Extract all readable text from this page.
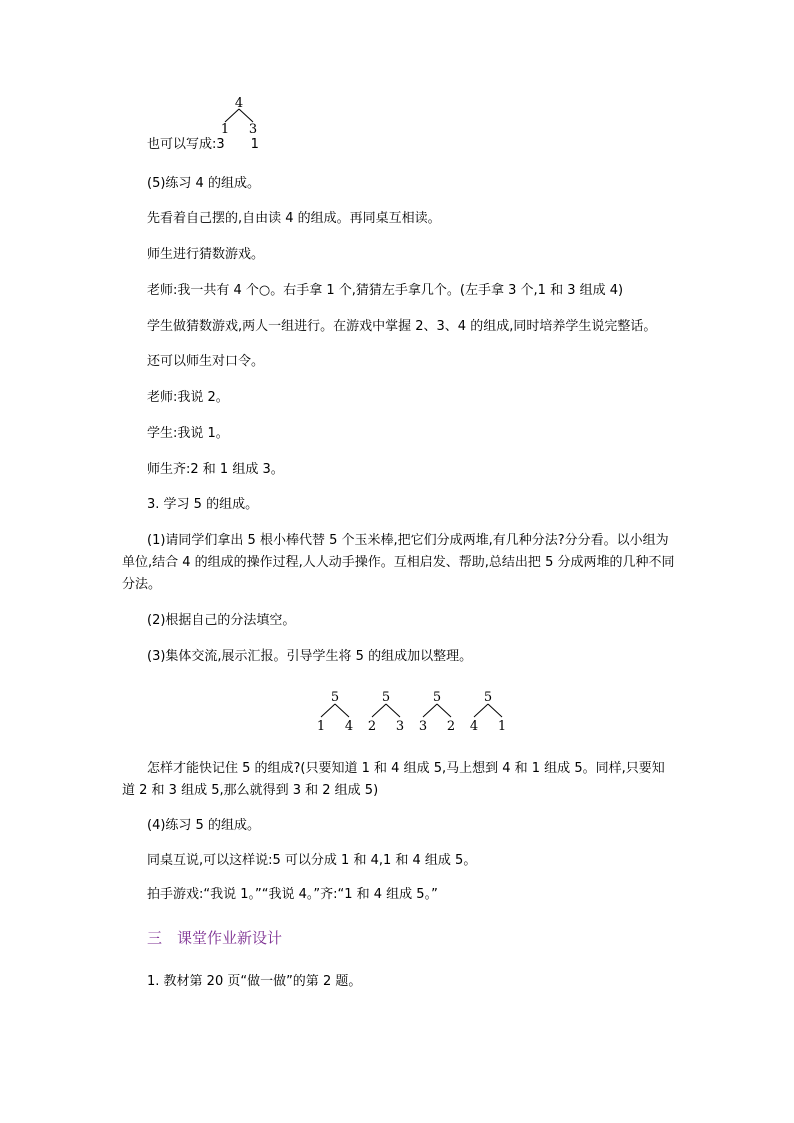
4
1 3
也可以写成:3　　1
(5)练习 4 的组成。
先看着自己摆的,自由读 4 的组成。再同桌互相读。
师生进行猜数游戏。
老师:我一共有 4 个○。右手拿 1 个,猜猜左手拿几个。(左手拿 3 个,1 和 3 组成 4)
学生做猜数游戏,两人一组进行。在游戏中掌握 2、3、4 的组成,同时培养学生说完整话。
还可以师生对口令。
老师:我说 2。
学生:我说 1。
师生齐:2 和 1 组成 3。
3. 学习 5 的组成。
(1)请同学们拿出 5 根小棒代替 5 个玉米棒,把它们分成两堆,有几种分法?分分看。以小组为单位,结合 4 的组成的操作过程,人人动手操作。互相启发、帮助,总结出把 5 分成两堆的几种不同分法。
(2)根据自己的分法填空。
(3)集体交流,展示汇报。引导学生将 5 的组成加以整理。
5
1 4
5
2 3
5
3 2
5
4 1
怎样才能快记住 5 的组成?(只要知道 1 和 4 组成 5,马上想到 4 和 1 组成 5。同样,只要知道 2 和 3 组成 5,那么就得到 3 和 2 组成 5)
(4)练习 5 的组成。
同桌互说,可以这样说:5 可以分成 1 和 4,1 和 4 组成 5。
拍手游戏:“我说 1。”“我说 4。”齐:“1 和 4 组成 5。”
三　课堂作业新设计
1. 教材第 20 页“做一做”的第 2 题。
